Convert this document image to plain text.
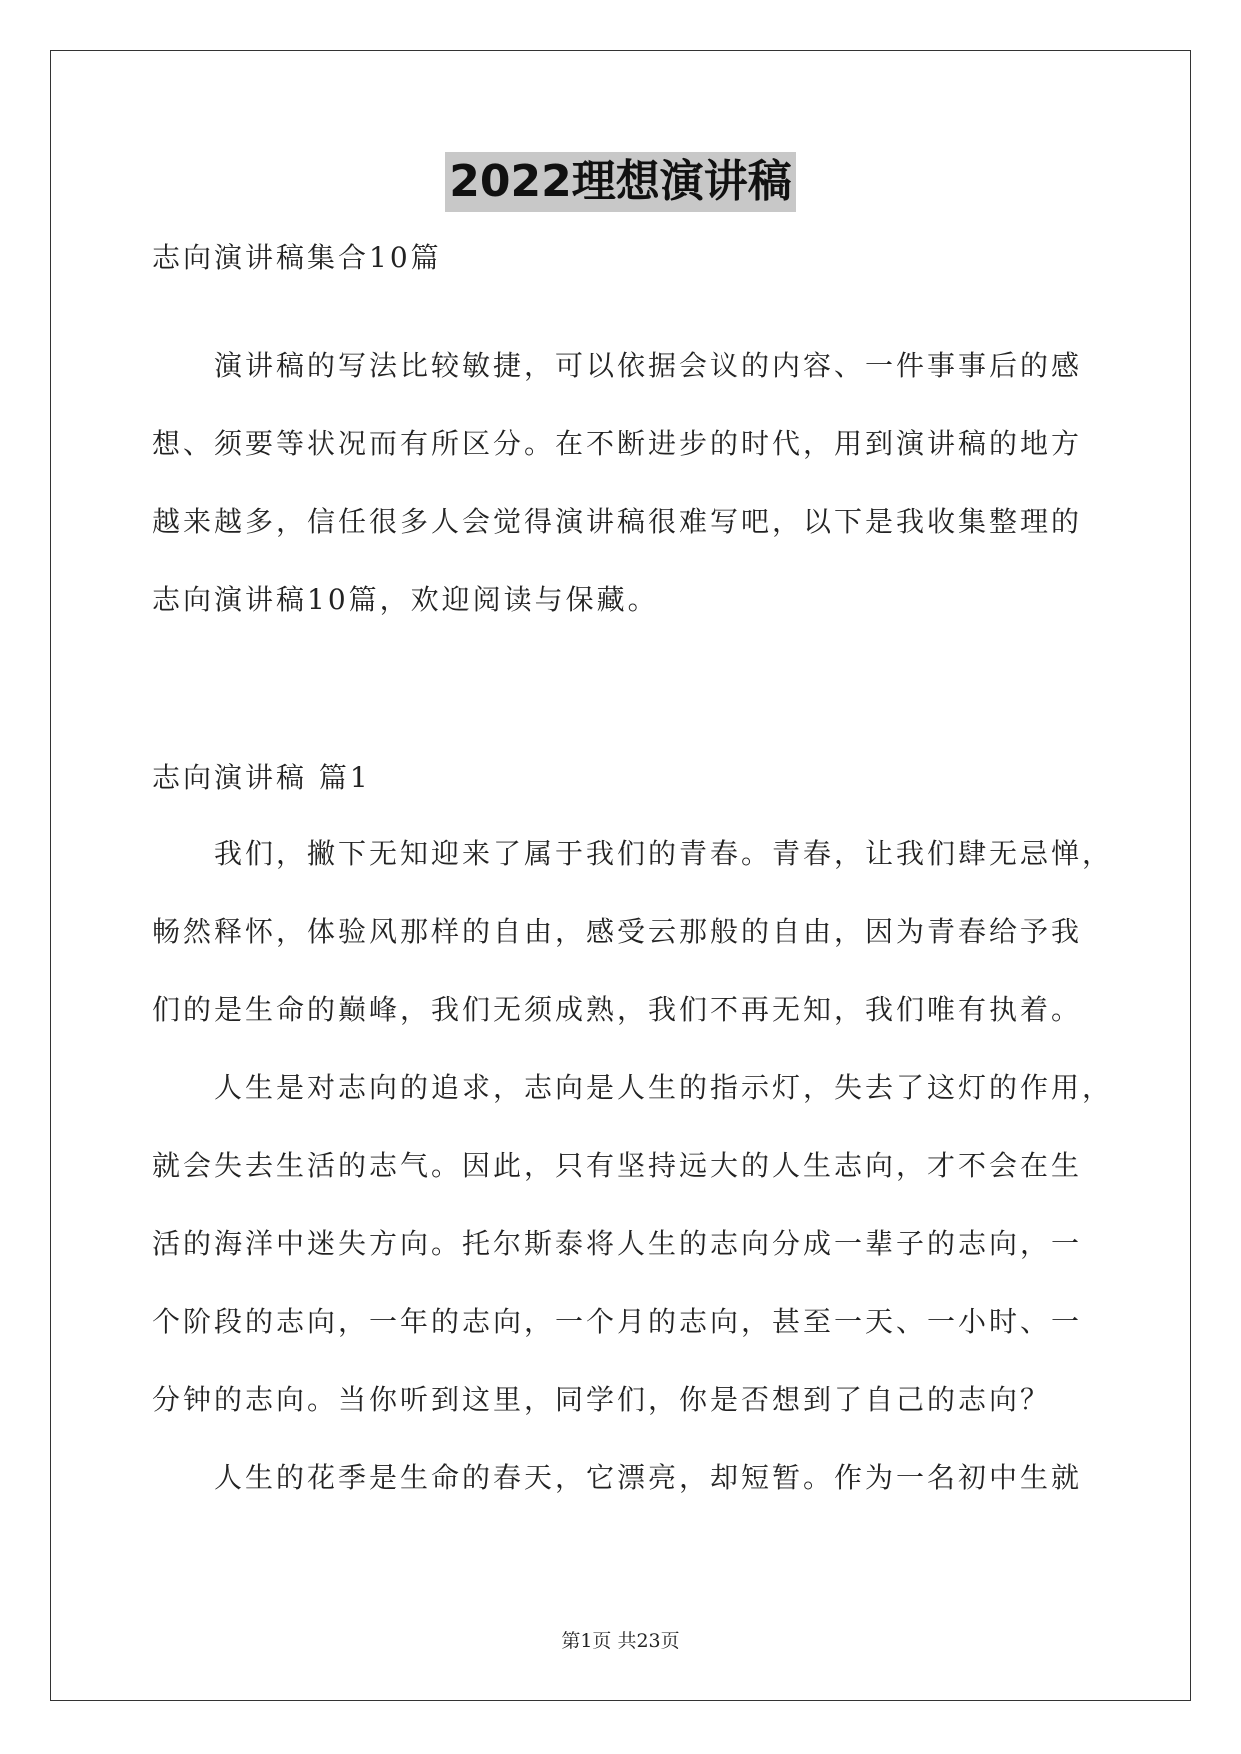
2022理想演讲稿
志向演讲稿集合10篇
演讲稿的写法比较敏捷，可以依据会议的内容、一件事事后的感
想、须要等状况而有所区分。在不断进步的时代，用到演讲稿的地方
越来越多，信任很多人会觉得演讲稿很难写吧，以下是我收集整理的
志向演讲稿10篇，欢迎阅读与保藏。
志向演讲稿 篇1
我们，撇下无知迎来了属于我们的青春。青春，让我们肆无忌惮，
畅然释怀，体验风那样的自由，感受云那般的自由，因为青春给予我
们的是生命的巅峰，我们无须成熟，我们不再无知，我们唯有执着。
人生是对志向的追求，志向是人生的指示灯，失去了这灯的作用，
就会失去生活的志气。因此，只有坚持远大的人生志向，才不会在生
活的海洋中迷失方向。托尔斯泰将人生的志向分成一辈子的志向，一
个阶段的志向，一年的志向，一个月的志向，甚至一天、一小时、一
分钟的志向。当你听到这里，同学们，你是否想到了自己的志向？
人生的花季是生命的春天，它漂亮，却短暂。作为一名初中生就
第1页 共23页
